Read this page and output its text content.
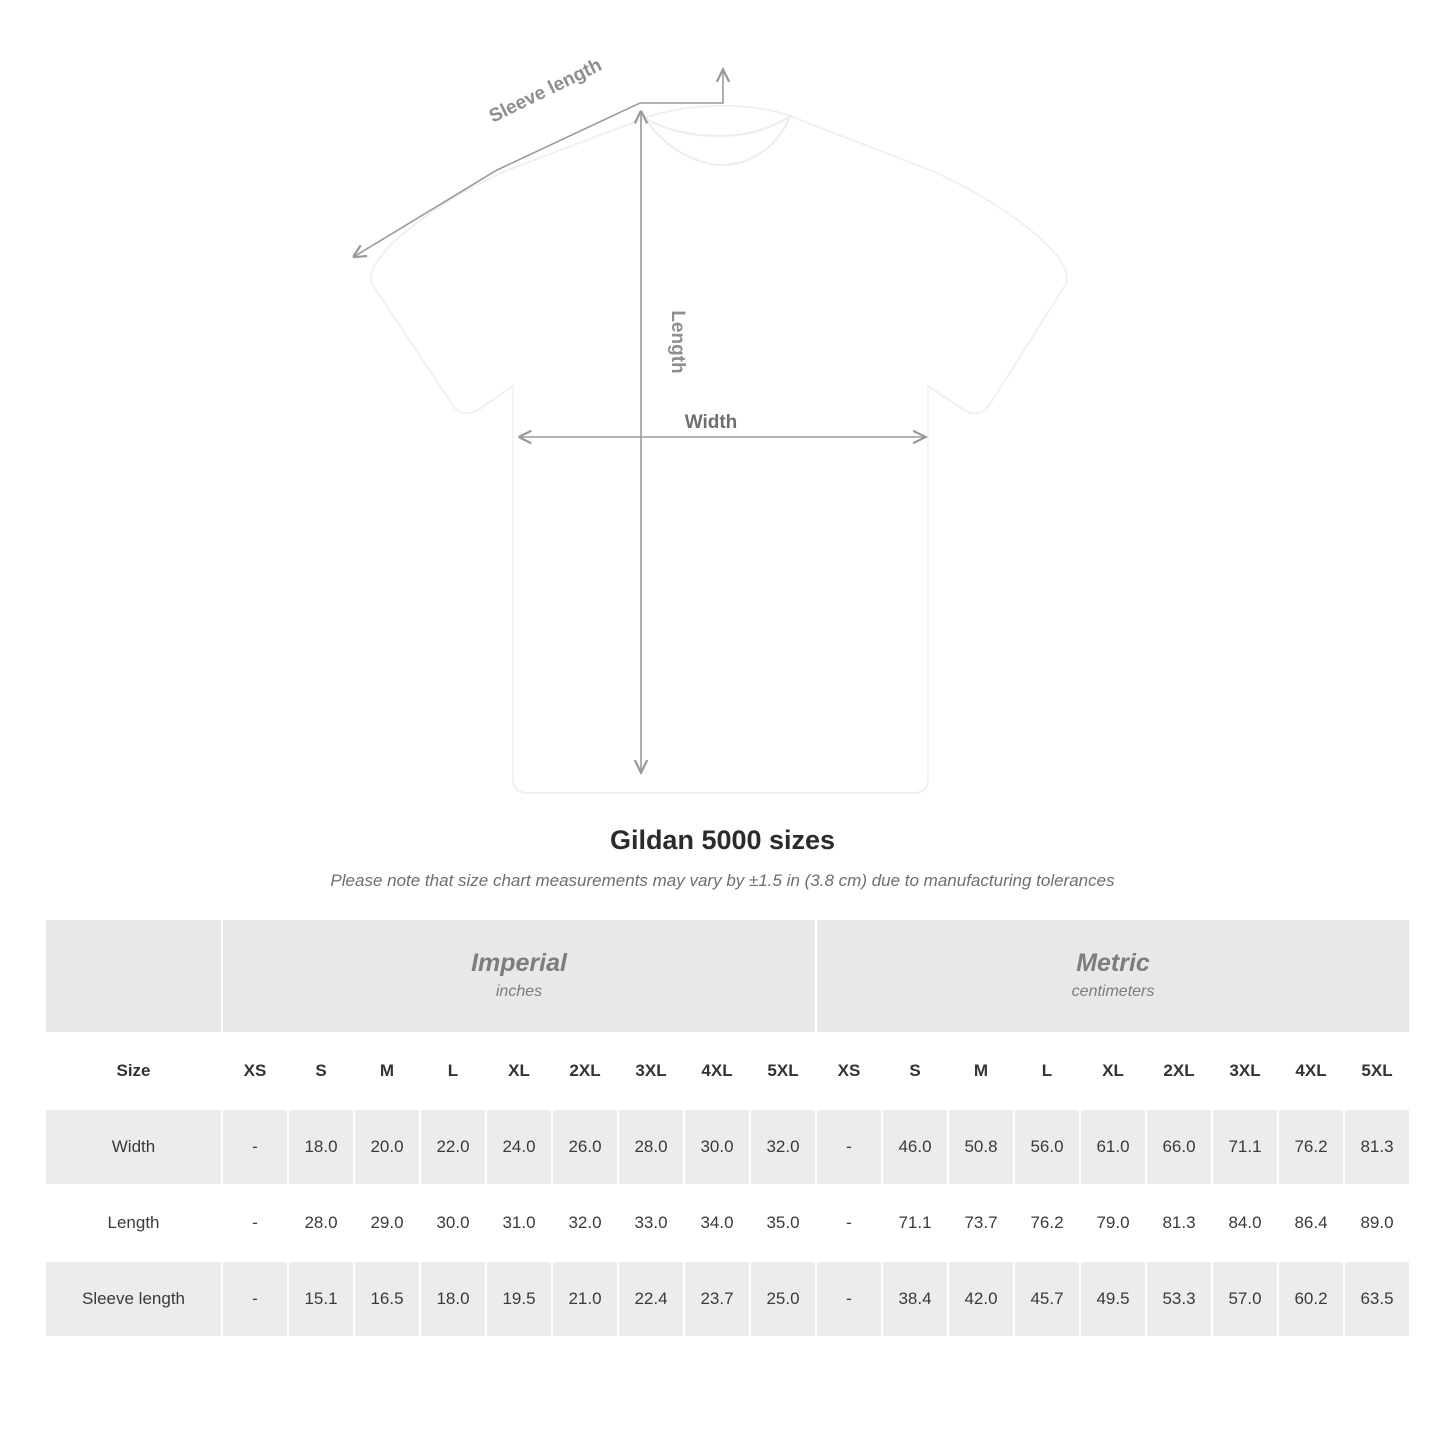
Sleeve length
Length
Width
Gildan 5000 sizes
Please note that size chart measurements may vary by ±1.5 in (3.8 cm) due to manufacturing tolerances

Imperial
inches

Metric
centimeters

Size	XS	S	M	L	XL	2XL	3XL	4XL	5XL	XS	S	M	L	XL	2XL	3XL	4XL	5XL
Width	-	18.0	20.0	22.0	24.0	26.0	28.0	30.0	32.0	-	46.0	50.8	56.0	61.0	66.0	71.1	76.2	81.3
Length	-	28.0	29.0	30.0	31.0	32.0	33.0	34.0	35.0	-	71.1	73.7	76.2	79.0	81.3	84.0	86.4	89.0
Sleeve length	-	15.1	16.5	18.0	19.5	21.0	22.4	23.7	25.0	-	38.4	42.0	45.7	49.5	53.3	57.0	60.2	63.5
